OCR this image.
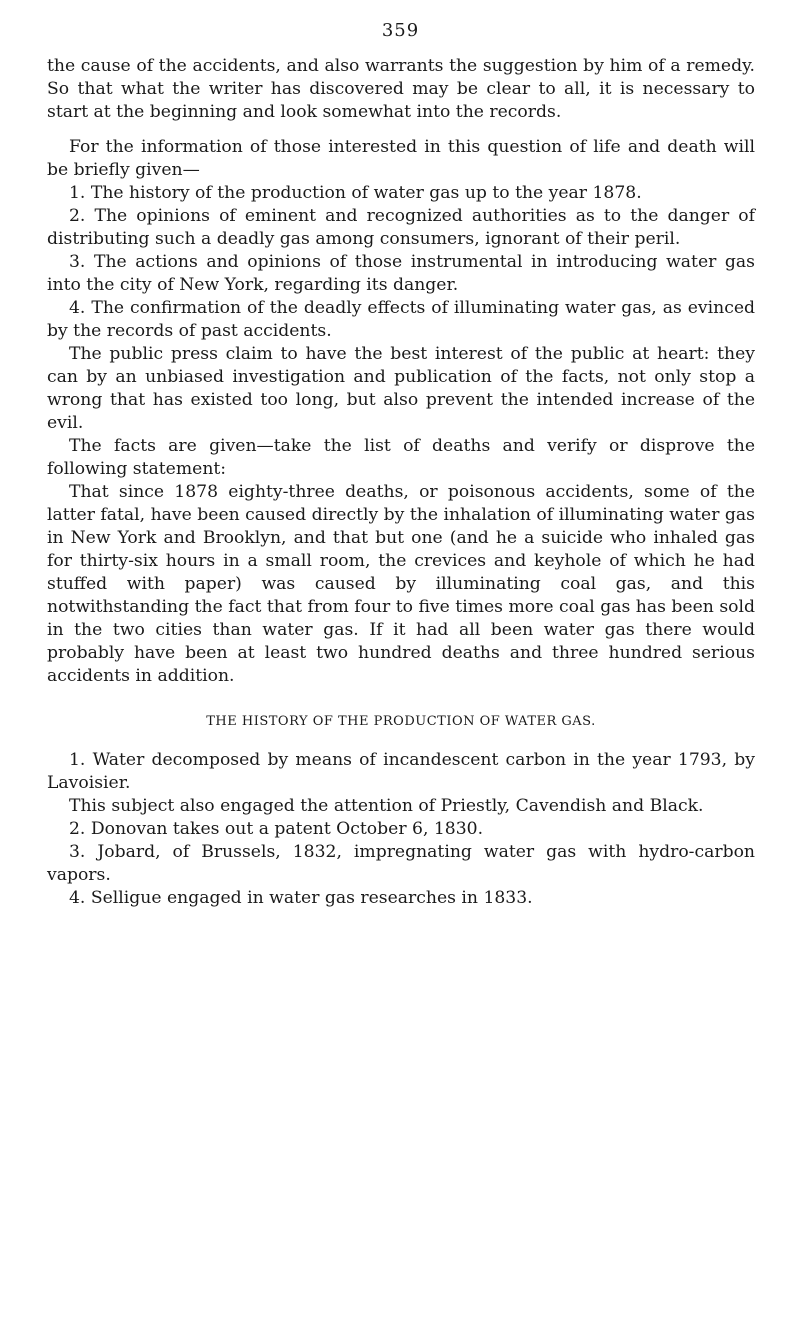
359

the cause of the accidents, and also warrants the suggestion by him of a remedy. So that what the writer has discovered may be clear to all, it is necessary to start at the beginning and look somewhat into the records.

For the information of those interested in this question of life and death will be briefly given—

1. The history of the production of water gas up to the year 1878.

2. The opinions of eminent and recognized authorities as to the danger of distributing such a deadly gas among consumers, ignorant of their peril.

3. The actions and opinions of those instrumental in introducing water gas into the city of New York, regarding its danger.

4. The confirmation of the deadly effects of illuminating water gas, as evinced by the records of past accidents.

The public press claim to have the best interest of the public at heart: they can by an unbiased investigation and publication of the facts, not only stop a wrong that has existed too long, but also prevent the intended increase of the evil.

The facts are given—take the list of deaths and verify or disprove the following statement:

That since 1878 eighty-three deaths, or poisonous accidents, some of the latter fatal, have been caused directly by the inhalation of illuminating water gas in New York and Brooklyn, and that but one (and he a suicide who inhaled gas for thirty-six hours in a small room, the crevices and keyhole of which he had stuffed with paper) was caused by illuminating coal gas, and this notwithstanding the fact that from four to five times more coal gas has been sold in the two cities than water gas. If it had all been water gas there would probably have been at least two hundred deaths and three hundred serious accidents in addition.

THE HISTORY OF THE PRODUCTION OF WATER GAS.

1. Water decomposed by means of incandescent carbon in the year 1793, by Lavoisier.

This subject also engaged the attention of Priestly, Cavendish and Black.

2. Donovan takes out a patent October 6, 1830.

3. Jobard, of Brussels, 1832, impregnating water gas with hydro-carbon vapors.

4. Selligue engaged in water gas researches in 1833.
